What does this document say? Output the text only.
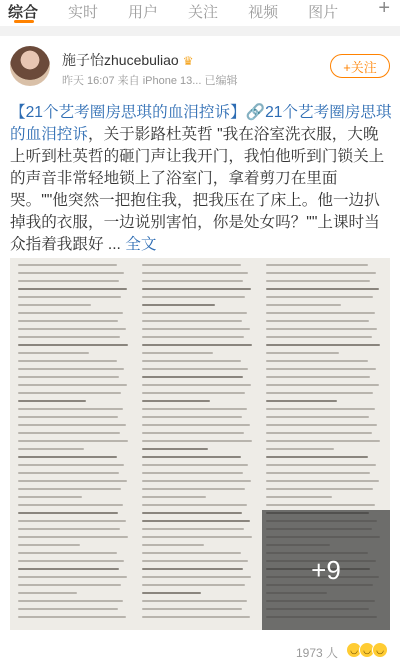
综合 实时 用户 关注 视频 图片 +
施子怡zhucebuliao ♛
昨天 16:07 来自 iPhone 13... 已编辑
+关注
【21个艺考圈房思琪的血泪控诉】🔗21个艺考圈房思琪的血泪控诉，关于影路杜英哲 "我在浴室洗衣服，大晚上听到杜英哲的砸门声让我开门，我怕他听到门锁关上的声音非常轻地锁上了浴室门，拿着剪刀在里面哭。""他突然一把抱住我，把我压在了床上。他一边扒掉我的衣服，一边说别害怕，你是处女吗？""上课时当众指着我跟好 ... 全文
+9
1973 人	◡ ◡ ◡
